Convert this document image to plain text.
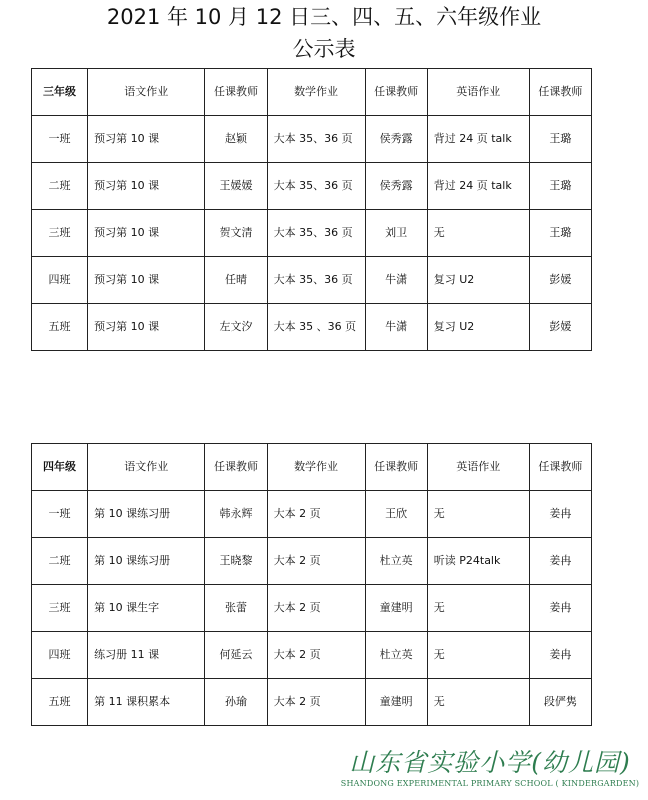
2021 年 10 月 12 日三、四、五、六年级作业
公示表
三年级	语文作业	任课教师	数学作业	任课教师	英语作业	任课教师
一班	预习第 10 课	赵颖	大本 35、36 页	侯秀露	背过 24 页 talk	王璐
二班	预习第 10 课	王媛媛	大本 35、36 页	侯秀露	背过 24 页 talk	王璐
三班	预习第 10 课	贺文清	大本 35、36 页	刘卫	无	王璐
四班	预习第 10 课	任晴	大本 35、36 页	牛潇	复习 U2	彭媛
五班	预习第 10 课	左文汐	大本 35 、36 页	牛潇	复习 U2	彭媛
四年级	语文作业	任课教师	数学作业	任课教师	英语作业	任课教师
一班	第 10 课练习册	韩永辉	大本 2 页	王欣	无	姜冉
二班	第 10 课练习册	王晓黎	大本 2 页	杜立英	听读 P24talk	姜冉
三班	第 10 课生字	张蕾	大本 2 页	童建明	无	姜冉
四班	练习册 11 课	何延云	大本 2 页	杜立英	无	姜冉
五班	第 11 课积累本	孙瑜	大本 2 页	童建明	无	段俨隽
山东省实验小学(幼儿园)
SHANDONG EXPERIMENTAL PRIMARY SCHOOL ( KINDERGARDEN)
